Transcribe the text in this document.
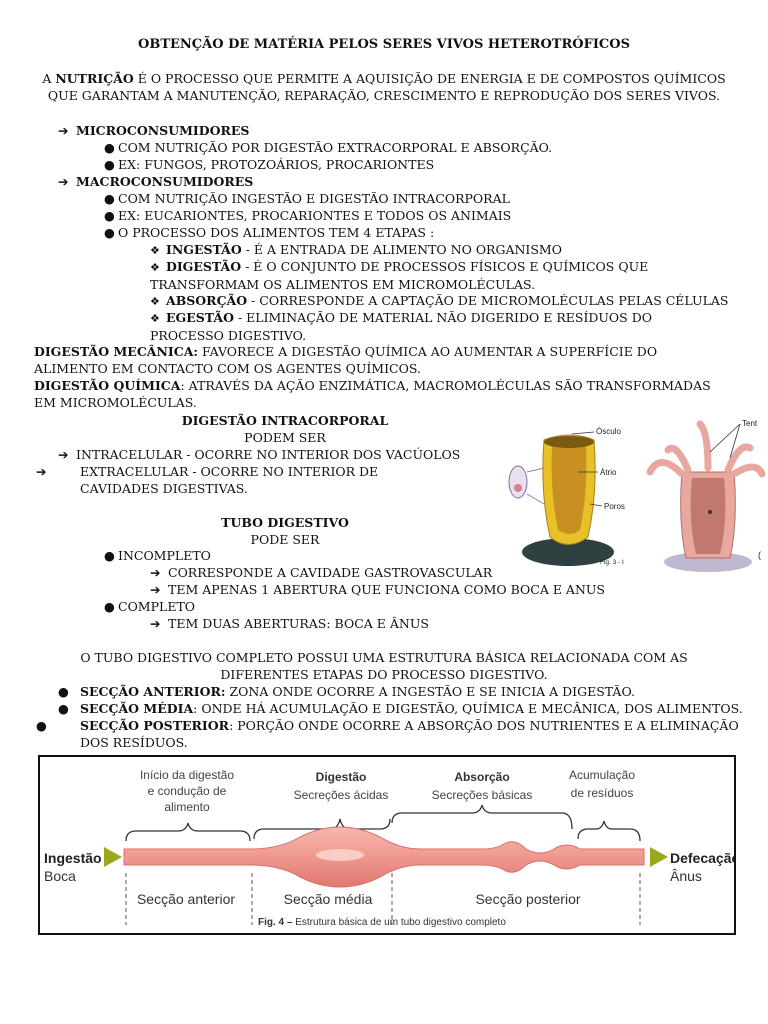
OBTENÇÃO DE MATÉRIA PELOS SERES VIVOS HETEROTRÓFICOS
A NUTRIÇÃO É O PROCESSO QUE PERMITE A AQUISIÇÃO DE ENERGIA E DE COMPOSTOS QUÍMICOS QUE GARANTAM A MANUTENÇÃO, REPARAÇÃO, CRESCIMENTO E REPRODUÇÃO DOS SERES VIVOS.
➔ MICROCONSUMIDORES
● COM NUTRIÇÃO POR DIGESTÃO EXTRACORPORAL E ABSORÇÃO.
● EX: FUNGOS, PROTOZOÁRIOS, PROCARIONTES
➔ MACROCONSUMIDORES
● COM NUTRIÇÃO INGESTÃO E DIGESTÃO INTRACORPORAL
● EX: EUCARIONTES, PROCARIONTES E TODOS OS ANIMAIS
● O PROCESSO DOS ALIMENTOS TEM 4 ETAPAS :
❖ INGESTÃO - É A ENTRADA DE ALIMENTO NO ORGANISMO
❖ DIGESTÃO - É O CONJUNTO DE PROCESSOS FÍSICOS E QUÍMICOS QUE TRANSFORMAM OS ALIMENTOS EM MICROMOLÉCULAS.
❖ ABSORÇÃO - CORRESPONDE A CAPTAÇÃO DE MICROMOLÉCULAS PELAS CÉLULAS
❖ EGESTÃO - ELIMINAÇÃO DE MATERIAL NÃO DIGERIDO E RESÍDUOS DO PROCESSO DIGESTIVO.
DIGESTÃO MECÂNICA: FAVORECE A DIGESTÃO QUÍMICA AO AUMENTAR A SUPERFÍCIE DO ALIMENTO EM CONTACTO COM OS AGENTES QUÍMICOS.
DIGESTÃO QUÍMICA: ATRAVÉS DA AÇÃO ENZIMÁTICA, MACROMOLÉCULAS SÃO TRANSFORMADAS EM MICROMOLÉCULAS.
DIGESTÃO INTRACORPORAL
PODEM SER
➔ INTRACELULAR - OCORRE NO INTERIOR DOS VACÚOLOS
➔	EXTRACELULAR - OCORRE NO INTERIOR DE CAVIDADES DIGESTIVAS.
TUBO DIGESTIVO
PODE SER
● INCOMPLETO
➔ CORRESPONDE A CAVIDADE GASTROVASCULAR
➔ TEM APENAS 1 ABERTURA QUE FUNCIONA COMO BOCA E ANUS
● COMPLETO
➔ TEM DUAS ABERTURAS: BOCA E ÂNUS
Ósculo
Átrio
Poros
Fig. 3 - I
Tent
(
O TUBO DIGESTIVO COMPLETO POSSUI UMA ESTRUTURA BÁSICA RELACIONADA COM AS DIFERENTES ETAPAS DO PROCESSO DIGESTIVO.
● SECÇÃO ANTERIOR: ZONA ONDE OCORRE A INGESTÃO E SE INICIA A DIGESTÃO.
● SECÇÃO MÉDIA: ONDE HÁ ACUMULAÇÃO E DIGESTÃO, QUÍMICA E MECÂNICA, DOS ALIMENTOS.
●	SECÇÃO POSTERIOR: PORÇÃO ONDE OCORRE A ABSORÇÃO DOS NUTRIENTES E A ELIMINAÇÃO DOS RESÍDUOS.
Início da digestão
e condução de
alimento
Digestão
Secreções ácidas
Absorção
Secreções básicas
Acumulação
de resíduos
Ingestão
Boca
Defecação
Ânus
Secção anterior	Secção média	Secção posterior
Fig. 4 – Estrutura básica de um tubo digestivo completo
